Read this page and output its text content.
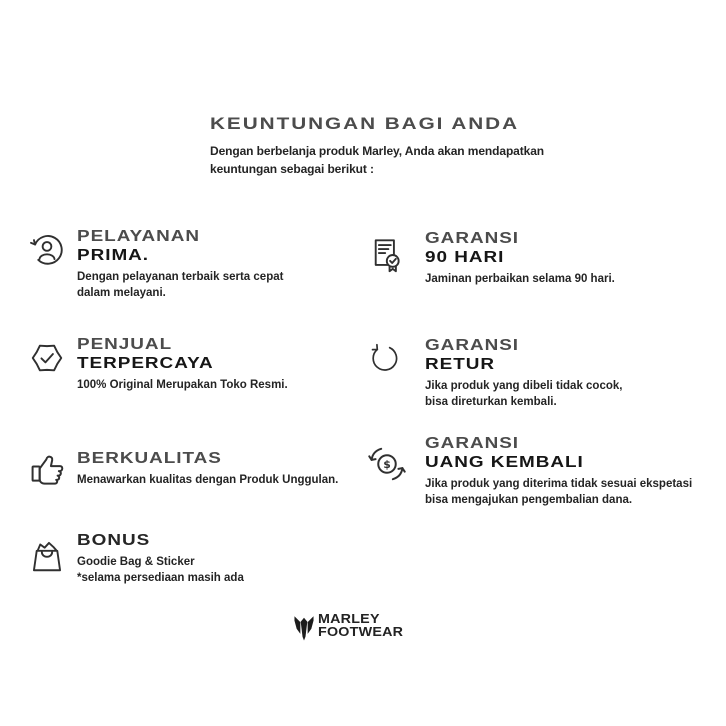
KEUNTUNGAN BAGI ANDA
Dengan berbelanja produk Marley, Anda akan mendapatkan
keuntungan sebagai berikut :
PELAYANAN
PRIMA.
Dengan pelayanan terbaik serta cepat
dalam melayani.
PENJUAL
TERPERCAYA
100% Original Merupakan Toko Resmi.
BERKUALITAS
Menawarkan kualitas dengan Produk Unggulan.
BONUS
Goodie Bag & Sticker
*selama persediaan masih ada
GARANSI
90 HARI
Jaminan perbaikan selama 90 hari.
GARANSI
RETUR
Jika produk yang dibeli tidak cocok,
bisa direturkan kembali.
$
GARANSI
UANG KEMBALI
Jika produk yang diterima tidak sesuai ekspetasi
bisa mengajukan pengembalian dana.
MARLEY
FOOTWEAR
